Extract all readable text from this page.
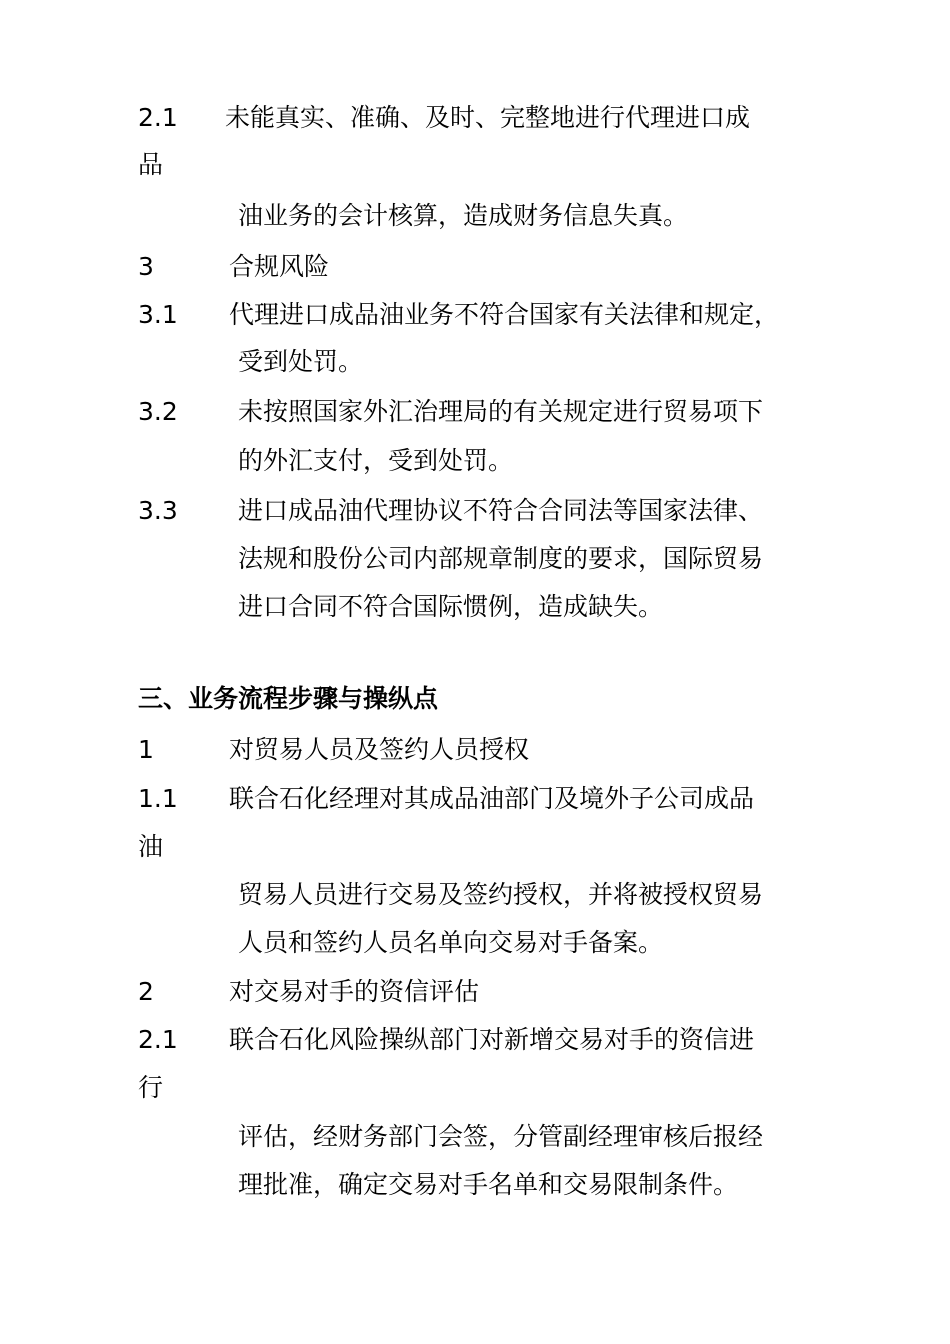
2.1 未能真实、准确、及时、完整地进行代理进口成
品
油业务的会计核算，造成财务信息失真。
3	合规风险
3.1 代理进口成品油业务不符合国家有关法律和规定，
受到处罚。
3.2 未按照国家外汇治理局的有关规定进行贸易项下
的外汇支付，受到处罚。
3.3 进口成品油代理协议不符合合同法等国家法律、
法规和股份公司内部规章制度的要求，国际贸易
进口合同不符合国际惯例，造成缺失。
三、业务流程步骤与操纵点
1	对贸易人员及签约人员授权
1.1 联合石化经理对其成品油部门及境外子公司成品
油
贸易人员进行交易及签约授权，并将被授权贸易
人员和签约人员名单向交易对手备案。
2	对交易对手的资信评估
2.1 联合石化风险操纵部门对新增交易对手的资信进
行
评估，经财务部门会签，分管副经理审核后报经
理批准，确定交易对手名单和交易限制条件。
